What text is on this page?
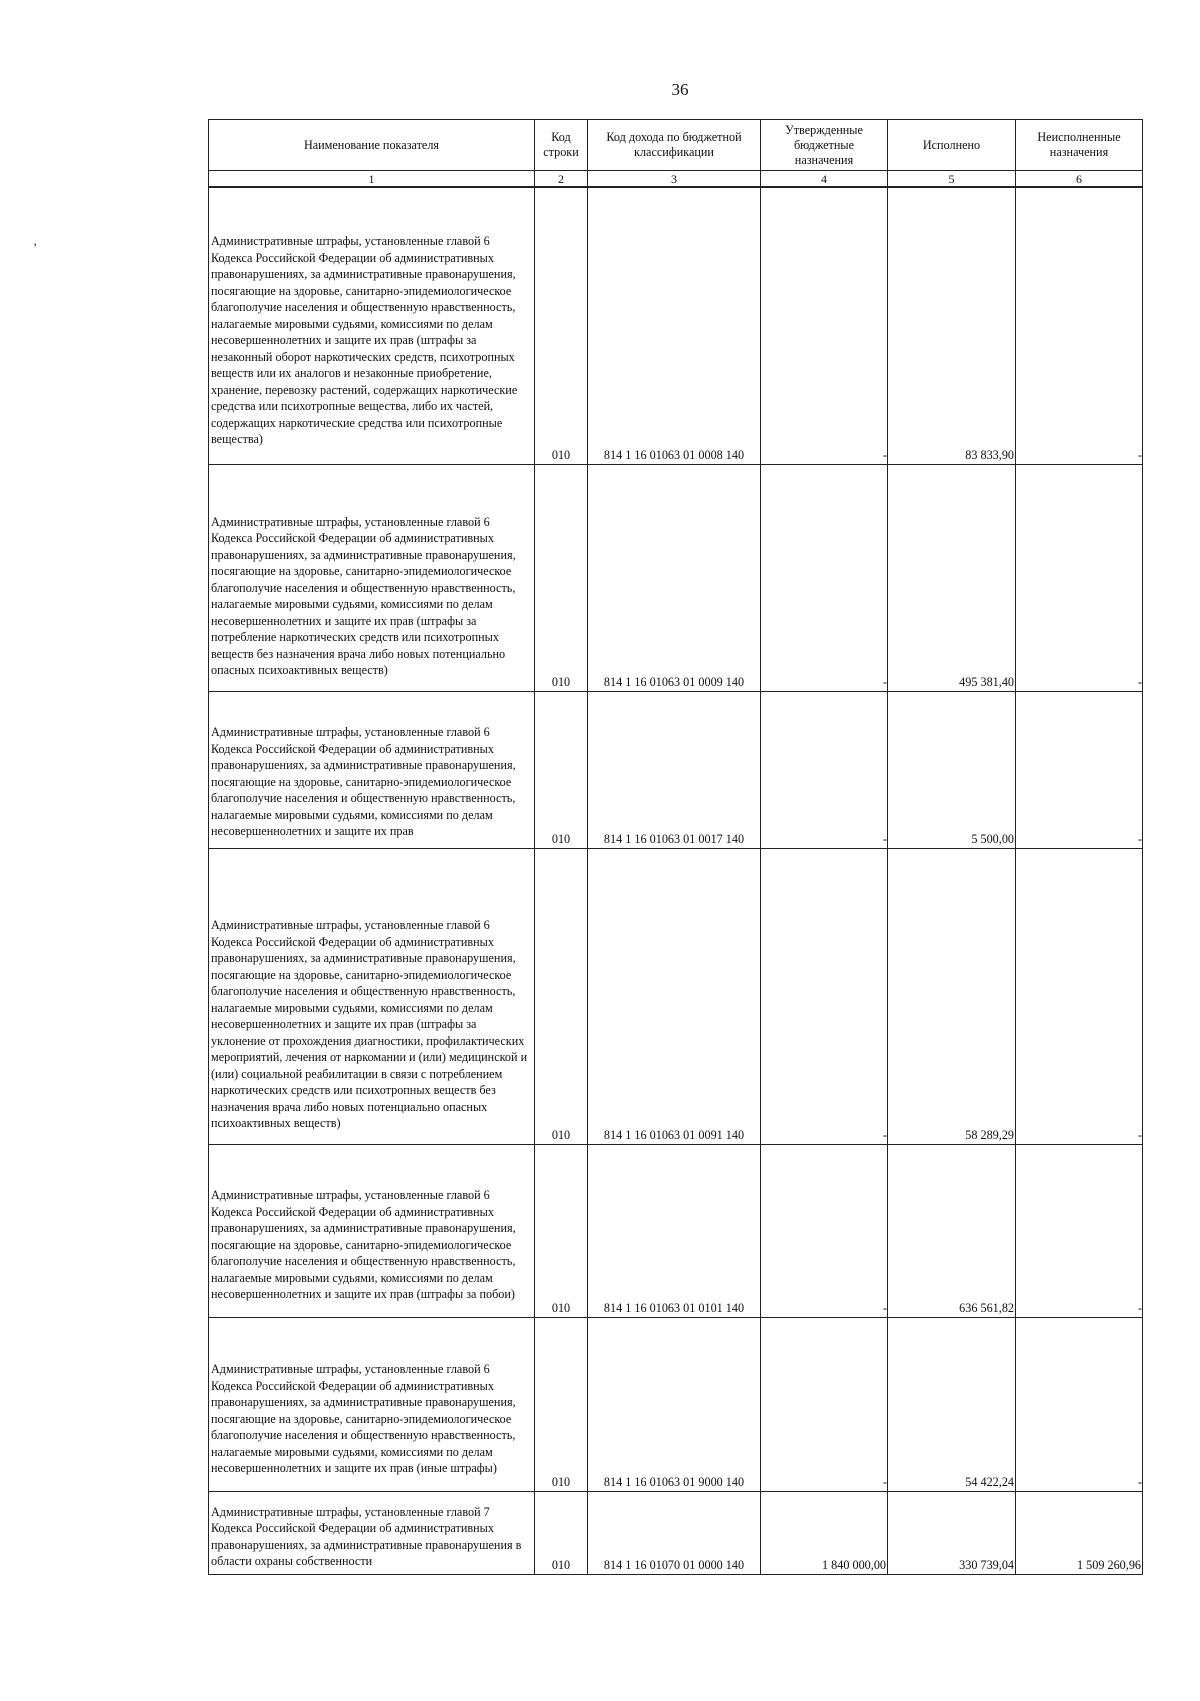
36
’
Наименование показателя	Код строки	Код дохода по бюджетной классификации	Утвержденные бюджетные назначения	Исполнено	Неисполненные назначения
1	2	3	4	5	6

Административные штрафы, установленные главой 6 Кодекса Российской Федерации об административных правонарушениях, за административные правонарушения, посягающие на здоровье, санитарно-эпидемиологическое благополучие населения и общественную нравственность, налагаемые мировыми судьями, комиссиями по делам несовершеннолетних и защите их прав (штрафы за незаконный оборот наркотических средств, психотропных веществ или их аналогов и незаконные приобретение, хранение, перевозку растений, содержащих наркотические средства или психотропные вещества, либо их частей, содержащих наркотические средства или психотропные вещества)	010	814 1 16 01063 01 0008 140	-	83 833,90	-

Административные штрафы, установленные главой 6 Кодекса Российской Федерации об административных правонарушениях, за административные правонарушения, посягающие на здоровье, санитарно-эпидемиологическое благополучие населения и общественную нравственность, налагаемые мировыми судьями, комиссиями по делам несовершеннолетних и защите их прав (штрафы за потребление наркотических средств или психотропных веществ без назначения врача либо новых потенциально опасных психоактивных веществ)	010	814 1 16 01063 01 0009 140	-	495 381,40	-

Административные штрафы, установленные главой 6 Кодекса Российской Федерации об административных правонарушениях, за административные правонарушения, посягающие на здоровье, санитарно-эпидемиологическое благополучие населения и общественную нравственность, налагаемые мировыми судьями, комиссиями по делам несовершеннолетних и защите их прав	010	814 1 16 01063 01 0017 140	-	5 500,00	-

Административные штрафы, установленные главой 6 Кодекса Российской Федерации об административных правонарушениях, за административные правонарушения, посягающие на здоровье, санитарно-эпидемиологическое благополучие населения и общественную нравственность, налагаемые мировыми судьями, комиссиями по делам несовершеннолетних и защите их прав (штрафы за уклонение от прохождения диагностики, профилактических мероприятий, лечения от наркомании и (или) медицинской и (или) социальной реабилитации в связи с потреблением наркотических средств или психотропных веществ без назначения врача либо новых потенциально опасных психоактивных веществ)	010	814 1 16 01063 01 0091 140	-	58 289,29	-

Административные штрафы, установленные главой 6 Кодекса Российской Федерации об административных правонарушениях, за административные правонарушения, посягающие на здоровье, санитарно-эпидемиологическое благополучие населения и общественную нравственность, налагаемые мировыми судьями, комиссиями по делам несовершеннолетних и защите их прав (штрафы за побои)	010	814 1 16 01063 01 0101 140	-	636 561,82	-

Административные штрафы, установленные главой 6 Кодекса Российской Федерации об административных правонарушениях, за административные правонарушения, посягающие на здоровье, санитарно-эпидемиологическое благополучие населения и общественную нравственность, налагаемые мировыми судьями, комиссиями по делам несовершеннолетних и защите их прав (иные штрафы)	010	814 1 16 01063 01 9000 140	-	54 422,24	-

Административные штрафы, установленные главой 7 Кодекса Российской Федерации об административных правонарушениях, за административные правонарушения в области охраны собственности	010	814 1 16 01070 01 0000 140	1 840 000,00	330 739,04	1 509 260,96
